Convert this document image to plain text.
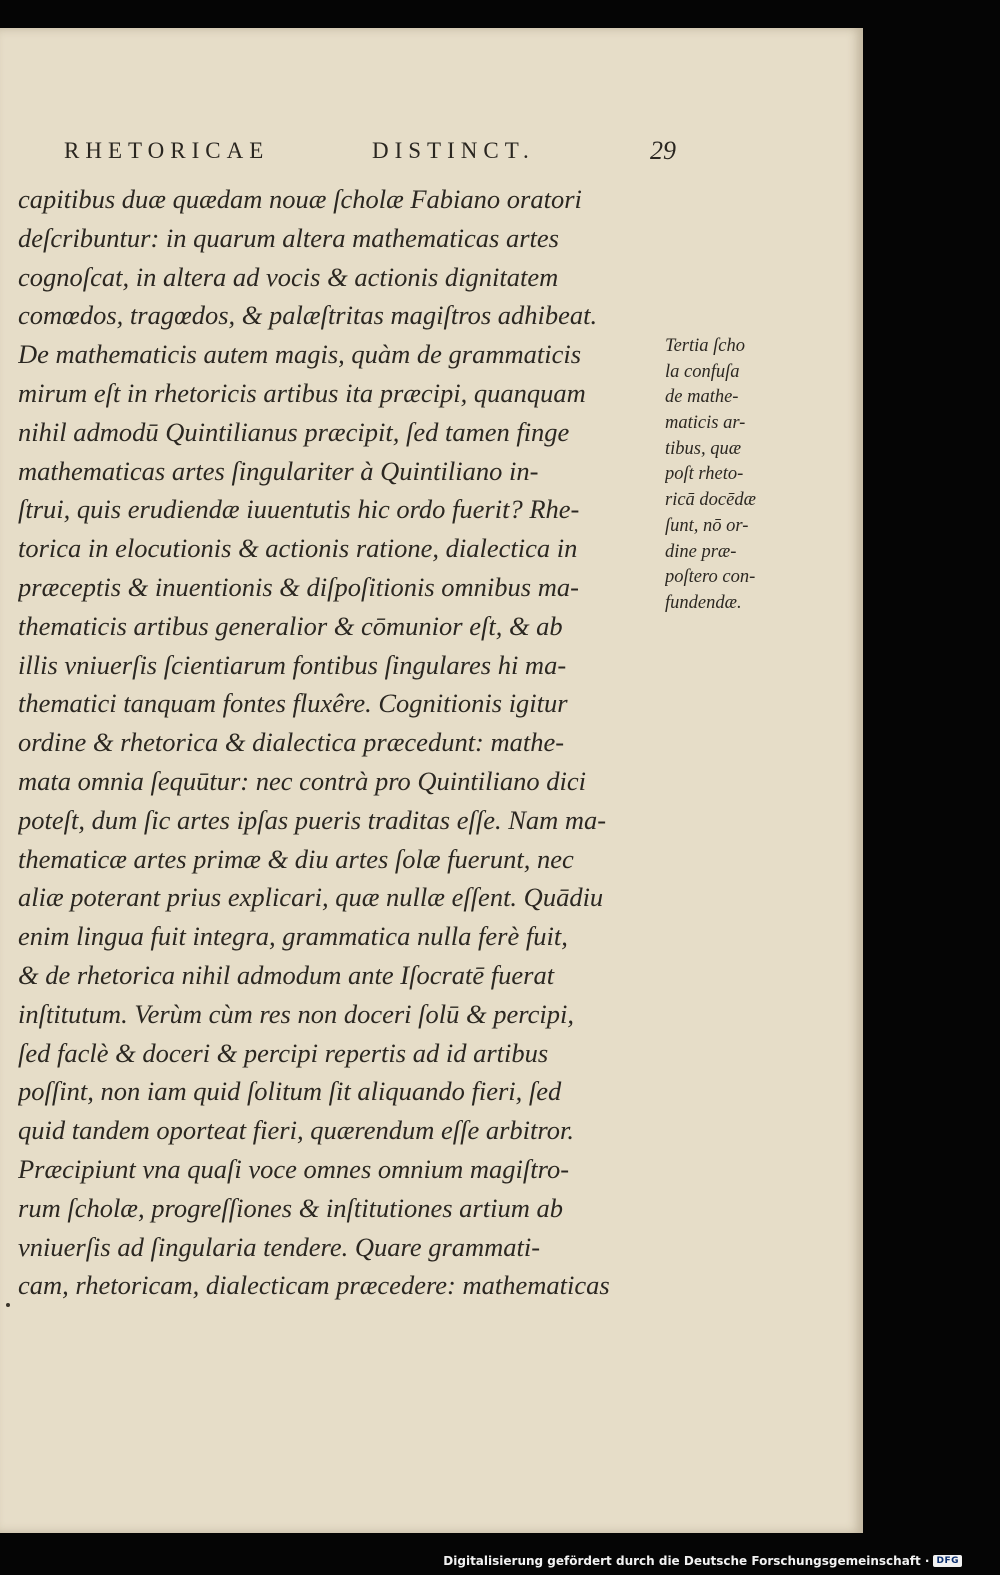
RHETORICAE	DISTINCT.	29
capitibus duæ quædam nouæ ſcholæ Fabiano oratori
deſcribuntur: in quarum altera mathematicas artes
cognoſcat, in altera ad vocis & actionis dignitatem
comœdos, tragœdos, & palæſtritas magiſtros adhibeat.
De mathematicis autem magis, quàm de grammaticis
mirum eſt in rhetoricis artibus ita præcipi, quanquam
nihil admodū Quintilianus præcipit, ſed tamen finge
mathematicas artes ſingulariter à Quintiliano in-
ſtrui, quis erudiendæ iuuentutis hic ordo fuerit? Rhe-
torica in elocutionis & actionis ratione, dialectica in
præceptis & inuentionis & diſpoſitionis omnibus ma-
thematicis artibus generalior & cōmunior eſt, & ab
illis vniuerſis ſcientiarum fontibus ſingulares hi ma-
thematici tanquam fontes fluxêre. Cognitionis igitur
ordine & rhetorica & dialectica præcedunt: mathe-
mata omnia ſequūtur: nec contrà pro Quintiliano dici
poteſt, dum ſic artes ipſas pueris traditas eſſe. Nam ma-
thematicæ artes primæ & diu artes ſolæ fuerunt, nec
aliæ poterant prius explicari, quæ nullæ eſſent. Quādiu
enim lingua fuit integra, grammatica nulla ferè fuit,
& de rhetorica nihil admodum ante Iſocratē fuerat
inſtitutum. Verùm cùm res non doceri ſolū & percipi,
ſed faclè & doceri & percipi repertis ad id artibus
poſſint, non iam quid ſolitum ſit aliquando fieri, ſed
quid tandem oporteat fieri, quærendum eſſe arbitror.
Præcipiunt vna quaſi voce omnes omnium magiſtro-
rum ſcholæ, progreſſiones & inſtitutiones artium ab
vniuerſis ad ſingularia tendere. Quare grammati-
cam, rhetoricam, dialecticam præcedere: mathematicas
Tertia ſcho
la confuſa
de mathe-
maticis ar-
tibus, quæ
poſt rheto-
ricā docēdæ
ſunt, nō or-
dine præ-
poſtero con-
fundendæ.
Digitalisierung gefördert durch die Deutsche Forschungsgemeinschaft · DFG
